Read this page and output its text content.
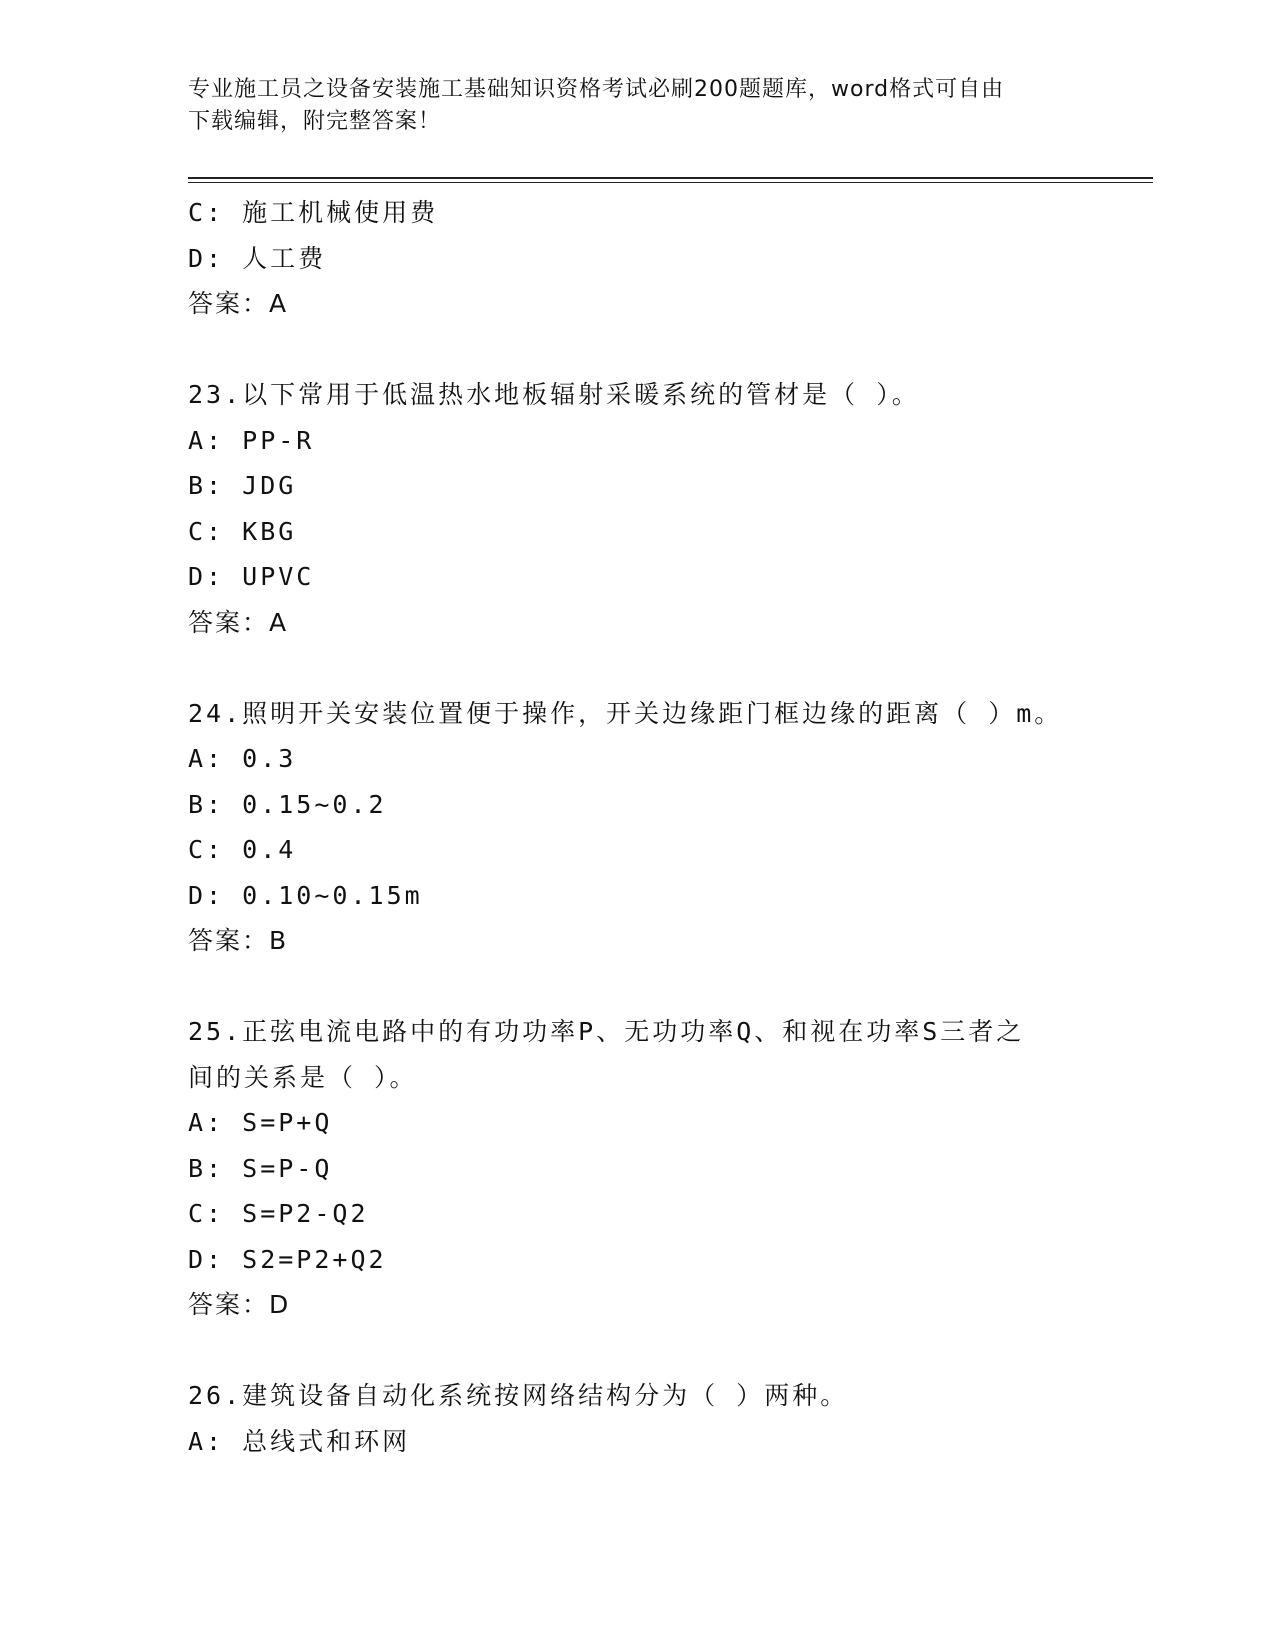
专业施工员之设备安装施工基础知识资格考试必刷200题题库，word格式可自由
下载编辑，附完整答案！
C: 施工机械使用费
D: 人工费
答案：A
23.以下常用于低温热水地板辐射采暖系统的管材是（ ）。
A: PP-R
B: JDG
C: KBG
D: UPVC
答案：A
24.照明开关安装位置便于操作，开关边缘距门框边缘的距离（ ）m。
A: 0.3
B: 0.15~0.2
C: 0.4
D: 0.10~0.15m
答案：B
25.正弦电流电路中的有功功率P、无功功率Q、和视在功率S三者之
间的关系是（ ）。
A: S=P+Q
B: S=P-Q
C: S=P2-Q2
D: S2=P2+Q2
答案：D
26.建筑设备自动化系统按网络结构分为（ ）两种。
A: 总线式和环网
